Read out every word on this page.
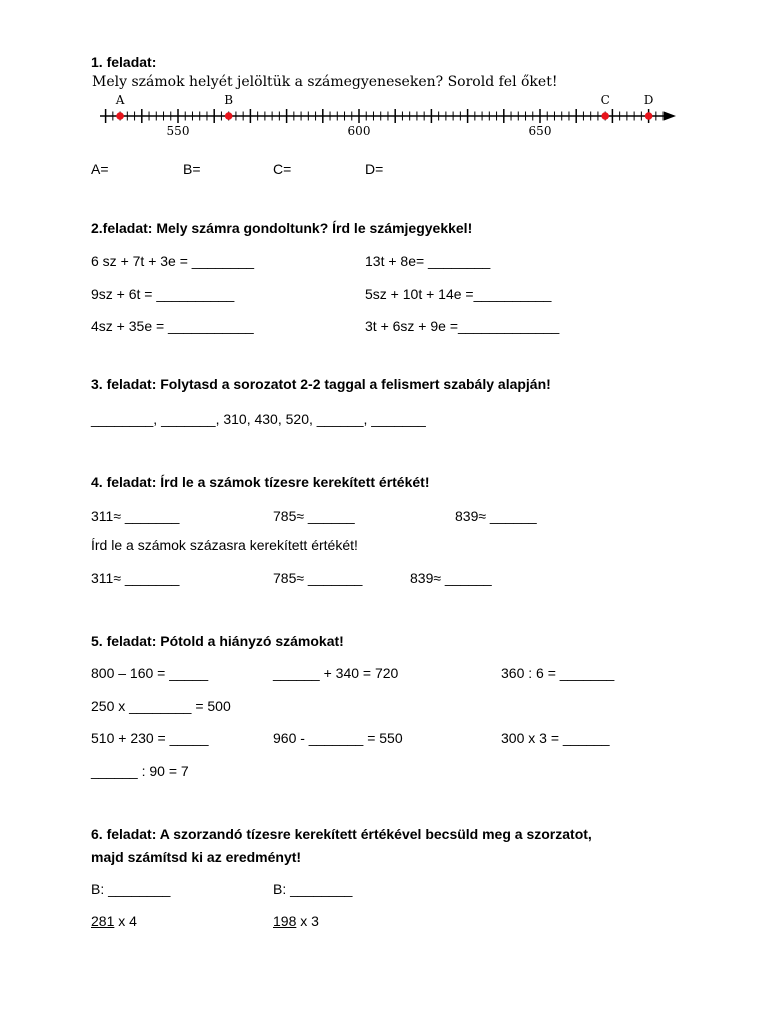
1. feladat:
Mely számok helyét jelöltük a számegyeneseken? Sorold fel őket!
550	600	650
A	B	C	D
A=	B=	C=	D=
2.feladat: Mely számra gondoltunk? Írd le számjegyekkel!
6 sz + 7t + 3e = ________	13t + 8e= ________
9sz + 6t = __________	5sz + 10t + 14e =__________
4sz + 35e = ___________	3t + 6sz + 9e =_____________
3. feladat: Folytasd a sorozatot 2-2 taggal a felismert szabály alapján!
________, _______, 310, 430, 520, ______, _______
4. feladat: Írd le a számok tízesre kerekített értékét!
311≈ _______	785≈ ______	839≈ ______
Írd le a számok százasra kerekített értékét!
311≈ _______	785≈ _______	839≈ ______
5. feladat: Pótold a hiányzó számokat!
800 – 160 = _____	______ + 340 = 720	360 : 6 = _______
250 x ________ = 500
510 + 230 = _____	960 - _______ = 550	300 x 3 = ______
______ : 90 = 7
6. feladat: A szorzandó tízesre kerekített értékével becsüld meg a szorzatot,
majd számítsd ki az eredményt!
B: ________	B: ________
281 x 4	198 x 3
